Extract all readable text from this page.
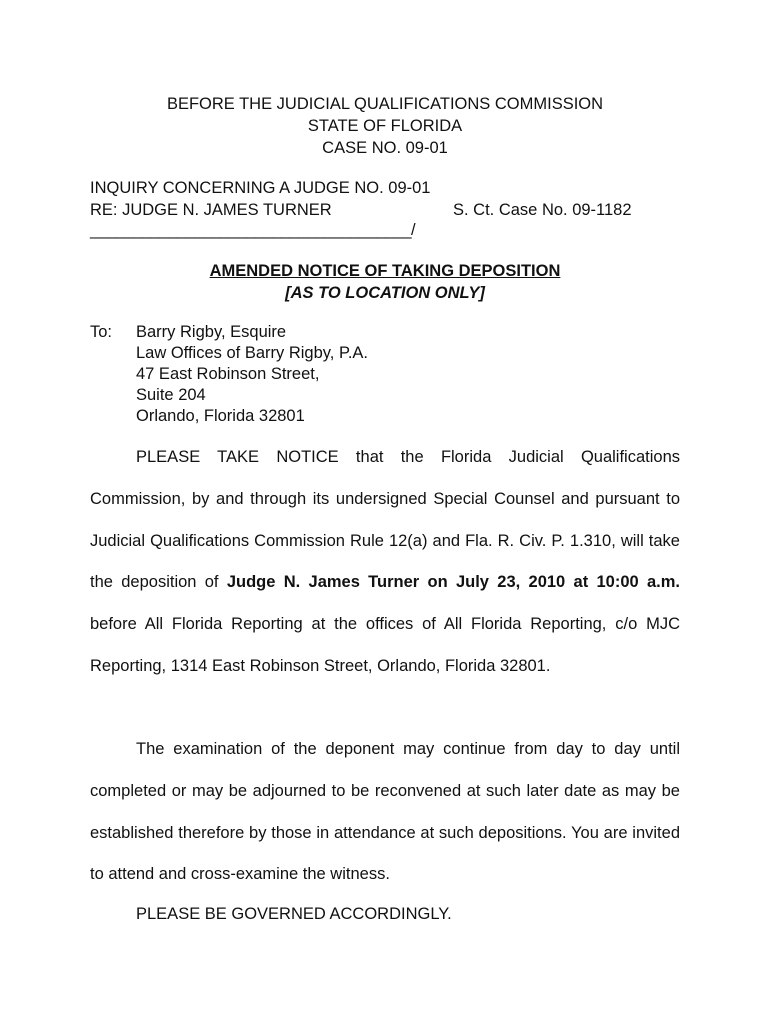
BEFORE THE JUDICIAL QUALIFICATIONS COMMISSION
STATE OF FLORIDA
CASE NO. 09-01
INQUIRY CONCERNING A JUDGE NO. 09-01
RE: JUDGE N. JAMES TURNER	S. Ct. Case No. 09-1182
_____________________________________/
AMENDED NOTICE OF TAKING DEPOSITION
[AS TO LOCATION ONLY]
To: Barry Rigby, Esquire
Law Offices of Barry Rigby, P.A.
47 East Robinson Street,
Suite 204
Orlando, Florida 32801
PLEASE TAKE NOTICE that the Florida Judicial Qualifications Commission, by and through its undersigned Special Counsel and pursuant to Judicial Qualifications Commission Rule 12(a) and Fla. R. Civ. P. 1.310, will take the deposition of Judge N. James Turner on July 23, 2010 at 10:00 a.m. before All Florida Reporting at the offices of All Florida Reporting, c/o MJC Reporting, 1314 East Robinson Street, Orlando, Florida 32801.
The examination of the deponent may continue from day to day until completed or may be adjourned to be reconvened at such later date as may be established therefore by those in attendance at such depositions. You are invited to attend and cross-examine the witness.
PLEASE BE GOVERNED ACCORDINGLY.
